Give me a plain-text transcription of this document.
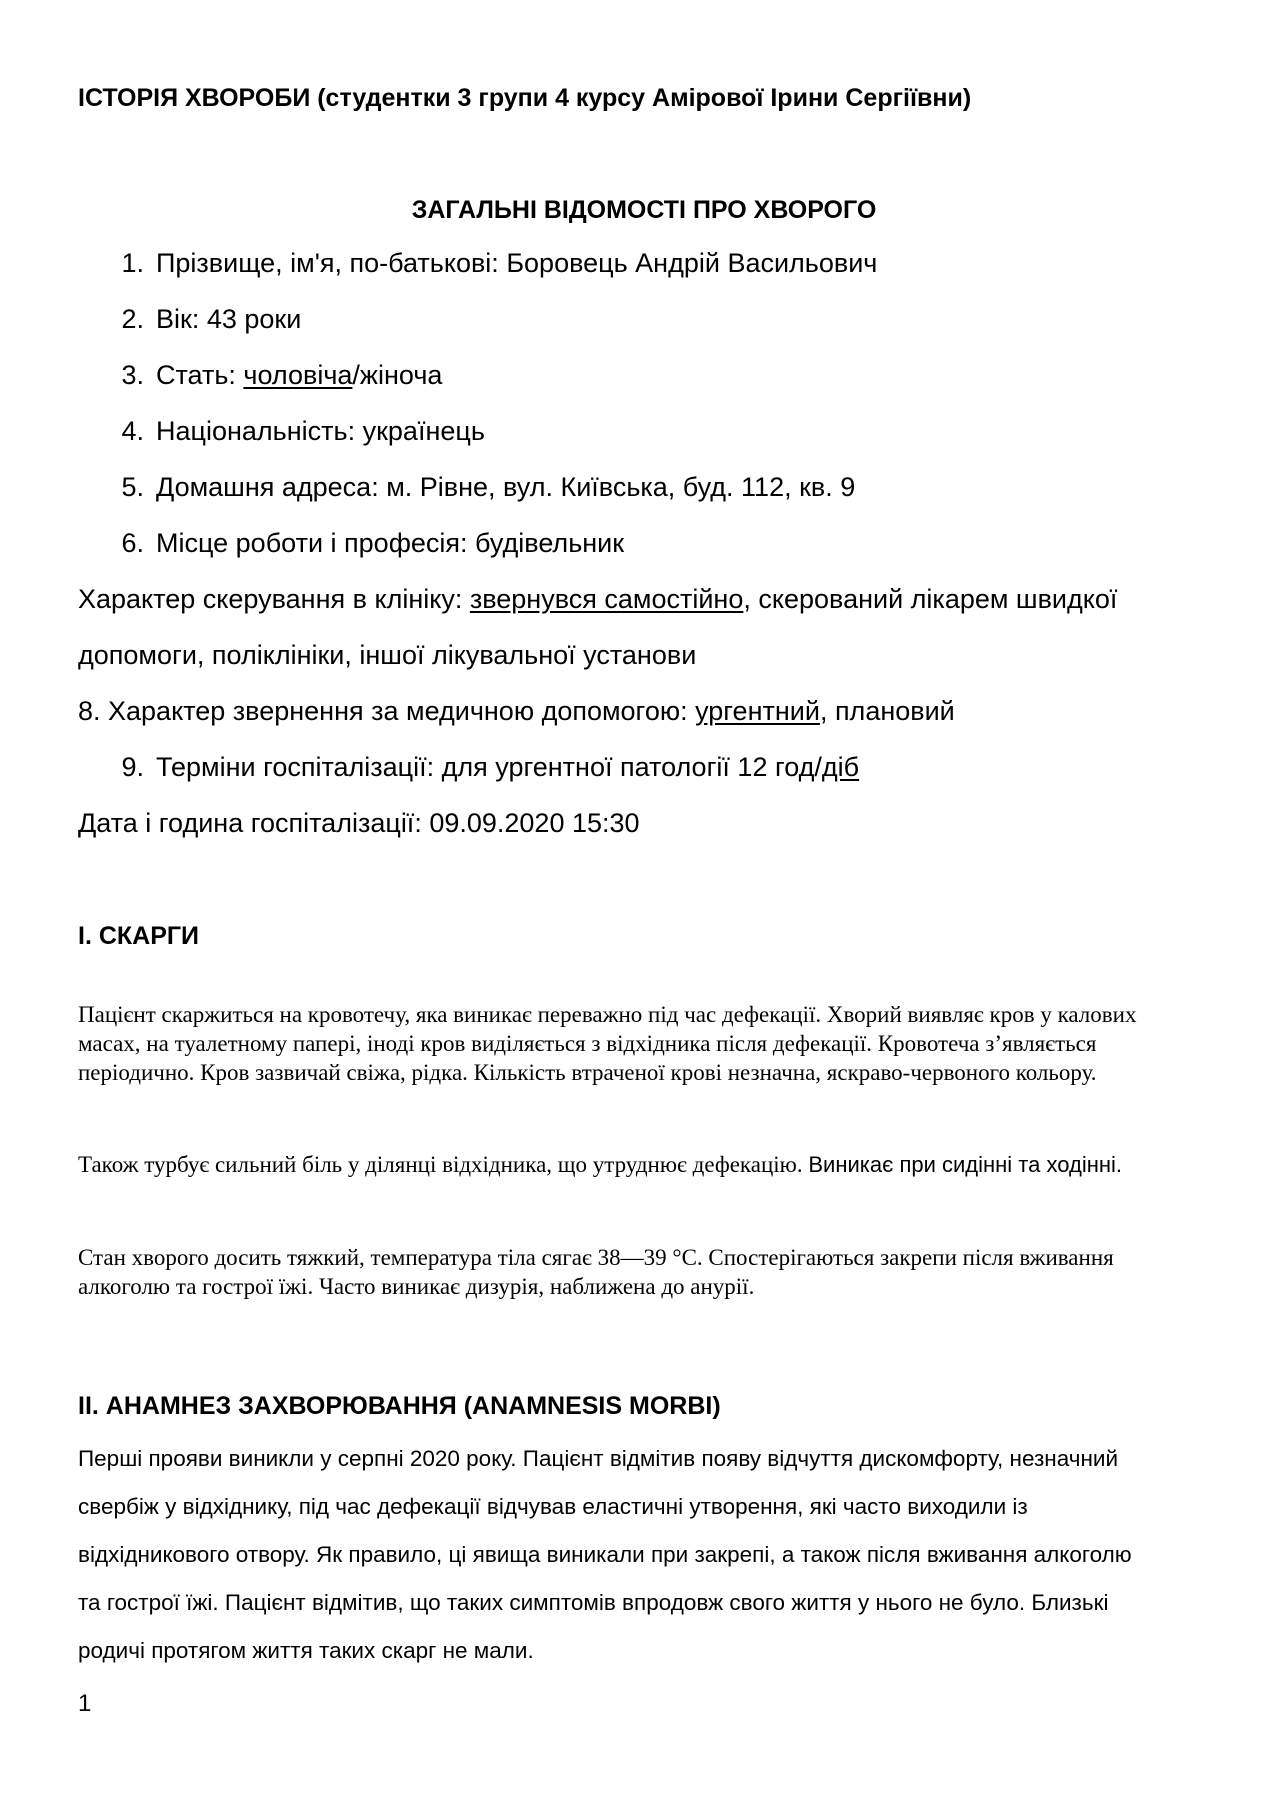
ІСТОРІЯ ХВОРОБИ (студентки 3 групи 4 курсу Амірової Ірини Сергіївни)
ЗАГАЛЬНІ ВІДОМОСТІ ПРО ХВОРОГО
1. Прізвище, ім'я, по-батькові: Боровець Андрій Васильович
2. Вік: 43 роки
3. Стать: чоловіча/жіноча
4. Національність: українець
5. Домашня адреса: м. Рівне, вул. Київська, буд. 112, кв. 9
6. Місце роботи і професія: будівельник
Характер скерування в клініку: звернувся самостійно, скерований лікарем швидкої
допомоги, поліклініки, іншої лікувальної установи
8. Характер звернення за медичною допомогою: ургентний, плановий
9. Терміни госпіталізації: для ургентної патології 12 год/діб
Дата і година госпіталізації: 09.09.2020 15:30
І. СКАРГИ
Пацієнт скаржиться на кровотечу, яка виникає переважно під час дефекації. Хворий виявляє кров у калових масах, на туалетному папері, іноді кров виділяється з відхідника після дефекації. Кровотеча з’являється періодично. Кров зазвичай свіжа, рідка. Кількість втраченої крові незначна, яскраво-червоного кольору.
Також турбує сильний біль у ділянці відхідника, що утруднює дефекацію. Виникає при сидінні та ходінні.
Стан хворого досить тяжкий, температура тіла сягає 38—39 °С. Спостерігаються закрепи після вживання алкоголю та гострої їжі. Часто виникає дизурія, наближена до анурії.
ІІ. АНАМНЕЗ ЗАХВОРЮВАННЯ (ANAMNESIS MORBI)
Перші прояви виникли у серпні 2020 року. Пацієнт відмітив появу відчуття дискомфорту, незначний
свербіж у відхіднику, під час дефекації відчував еластичні утворення, які часто виходили із
відхідникового отвору. Як правило, ці явища виникали при закрепі, а також після вживання алкоголю
та гострої їжі. Пацієнт відмітив, що таких симптомів впродовж свого життя у нього не було. Близькі
родичі протягом життя таких скарг не мали.
1
